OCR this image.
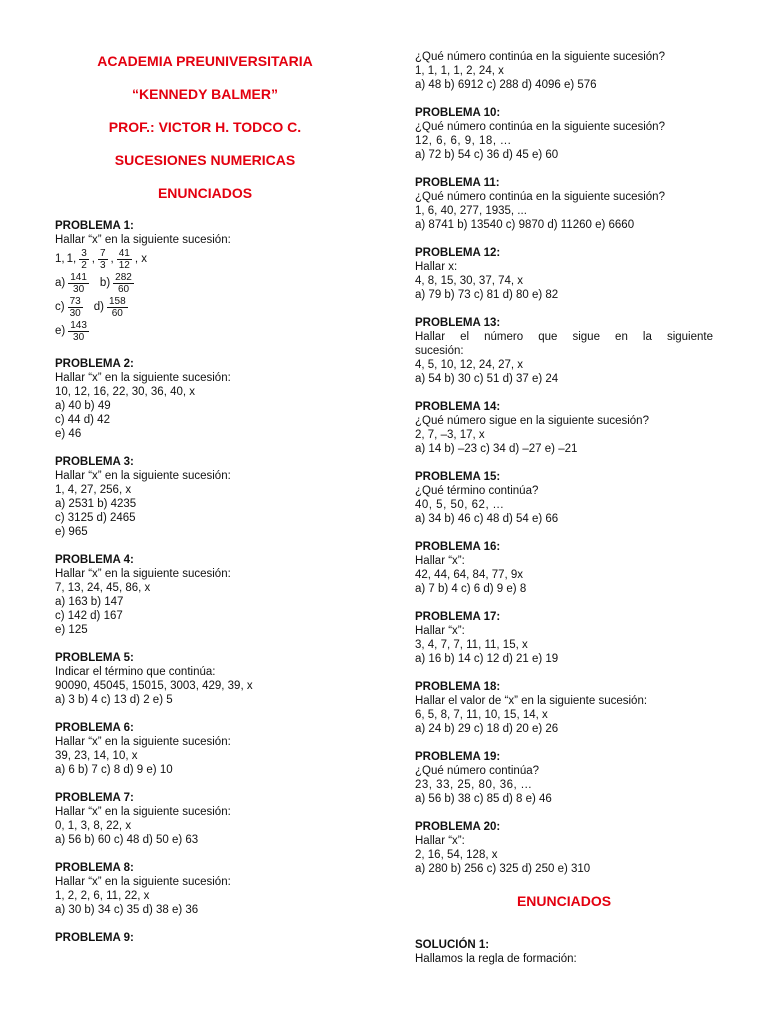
ACADEMIA PREUNIVERSITARIA
“KENNEDY BALMER”
PROF.: VICTOR H. TODCO C.
SUCESIONES NUMERICAS
ENUNCIADOS
PROBLEMA 1:
Hallar “x” en la siguiente sucesión:
1, 1, $\frac{3}{2}$ , $\frac{7}{3}$ , $\frac{41}{12}$ , x
$a) \frac{141}{30} b) \frac{282}{60}$
$c) \frac{73}{30} d) \frac{158}{60}$
$e) \frac{143}{30}$
PROBLEMA 2:
Hallar “x” en la siguiente sucesión:
10, 12, 16, 22, 30, 36, 40, x
a) 40 b) 49
c) 44 d) 42
e) 46
PROBLEMA 3:
Hallar “x” en la siguiente sucesión:
1, 4, 27, 256, x
a) 2531 b) 4235
c) 3125 d) 2465
e) 965
PROBLEMA 4:
Hallar “x” en la siguiente sucesión:
7, 13, 24, 45, 86, x
a) 163 b) 147
c) 142 d) 167
e) 125
PROBLEMA 5:
Indicar el término que continúa:
90090, 45045, 15015, 3003, 429, 39, x
a) 3 b) 4 c) 13 d) 2 e) 5
PROBLEMA 6:
Hallar “x” en la siguiente sucesión:
39, 23, 14, 10, x
a) 6 b) 7 c) 8 d) 9 e) 10
PROBLEMA 7:
Hallar “x” en la siguiente sucesión:
0, 1, 3, 8, 22, x
a) 56 b) 60 c) 48 d) 50 e) 63
PROBLEMA 8:
Hallar “x” en la siguiente sucesión:
1, 2, 2, 6, 11, 22, x
a) 30 b) 34 c) 35 d) 38 e) 36
PROBLEMA 9:
¿Qué número continúa en la siguiente sucesión?
1, 1, 1, 1, 2, 24, x
a) 48 b) 6912 c) 288 d) 4096 e) 576
PROBLEMA 10:
¿Qué número continúa en la siguiente sucesión?
12, 6, 6, 9, 18, ...
a) 72 b) 54 c) 36 d) 45 e) 60
PROBLEMA 11:
¿Qué número continúa en la siguiente sucesión?
1, 6, 40, 277, 1935, ...
a) 8741 b) 13540 c) 9870 d) 11260 e) 6660
PROBLEMA 12:
Hallar x:
4, 8, 15, 30, 37, 74, x
a) 79 b) 73 c) 81 d) 80 e) 82
PROBLEMA 13:
Hallar el número que sigue en la siguiente
sucesión:
4, 5, 10, 12, 24, 27, x
a) 54 b) 30 c) 51 d) 37 e) 24
PROBLEMA 14:
¿Qué número sigue en la siguiente sucesión?
2, 7, –3, 17, x
a) 14 b) –23 c) 34 d) –27 e) –21
PROBLEMA 15:
¿Qué término continúa?
40, 5, 50, 62, ...
a) 34 b) 46 c) 48 d) 54 e) 66
PROBLEMA 16:
Hallar “x”:
42, 44, 64, 84, 77, 9x
a) 7 b) 4 c) 6 d) 9 e) 8
PROBLEMA 17:
Hallar “x”:
3, 4, 7, 7, 11, 11, 15, x
a) 16 b) 14 c) 12 d) 21 e) 19
PROBLEMA 18:
Hallar el valor de “x” en la siguiente sucesión:
6, 5, 8, 7, 11, 10, 15, 14, x
a) 24 b) 29 c) 18 d) 20 e) 26
PROBLEMA 19:
¿Qué número continúa?
23, 33, 25, 80, 36, ...
a) 56 b) 38 c) 85 d) 8 e) 46
PROBLEMA 20:
Hallar “x”:
2, 16, 54, 128, x
a) 280 b) 256 c) 325 d) 250 e) 310
ENUNCIADOS
SOLUCIÓN 1:
Hallamos la regla de formación:
